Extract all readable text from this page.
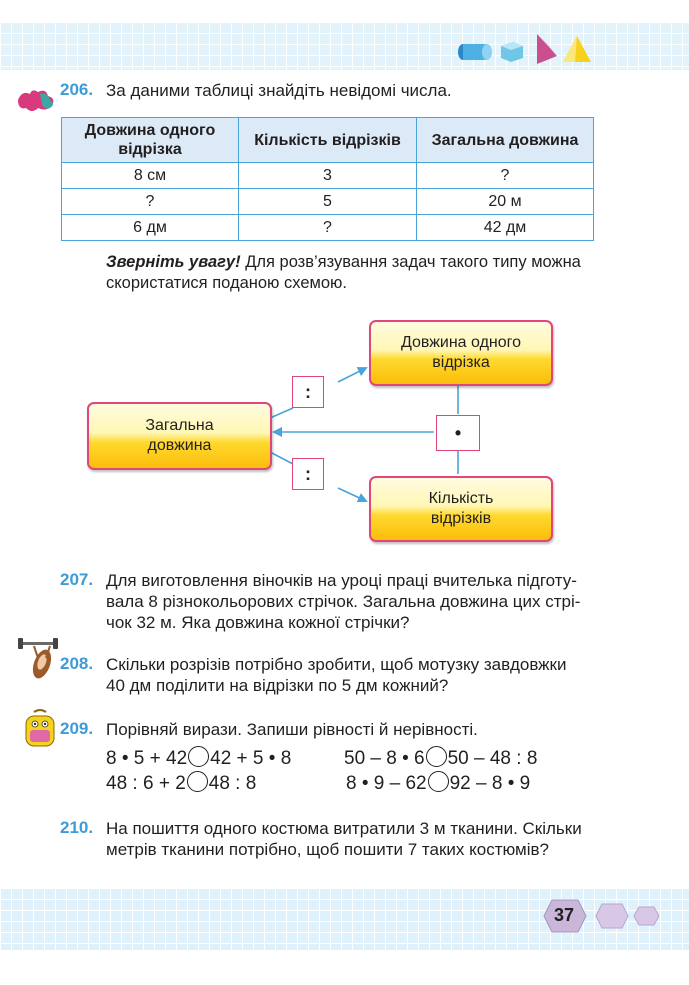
206. За даними таблиці знайдіть невідомі числа.
Довжина одного відрізка	Кількість відрізків	Загальна довжина
8 см	3	?
?	5	20 м
6 дм	?	42 дм
Зверніть увагу! Для розв’язування задач такого типу можна скористатися поданою схемою.
Загальна
довжина
Довжина одного
відрізка
Кількість
відрізків
:
:
•
207. Для виготовлення віночків на уроці праці вчителька підготу-
вала 8 різнокольорових стрічок. Загальна довжина цих стрі-
чок 32 м. Яка довжина кожної стрічки?
208. Скільки розрізів потрібно зробити, щоб мотузку завдовжки
40 дм поділити на відрізки по 5 дм кожний?
209. Порівняй вирази. Запиши рівності й нерівності.
8 • 5 + 42 42 + 5 • 8	50 – 8 • 6 50 – 48 : 8
48 : 6 + 2 48 : 8	8 • 9 – 62 92 – 8 • 9
210. На пошиття одного костюма витратили 3 м тканини. Скільки
метрів тканини потрібно, щоб пошити 7 таких костюмів?
37
